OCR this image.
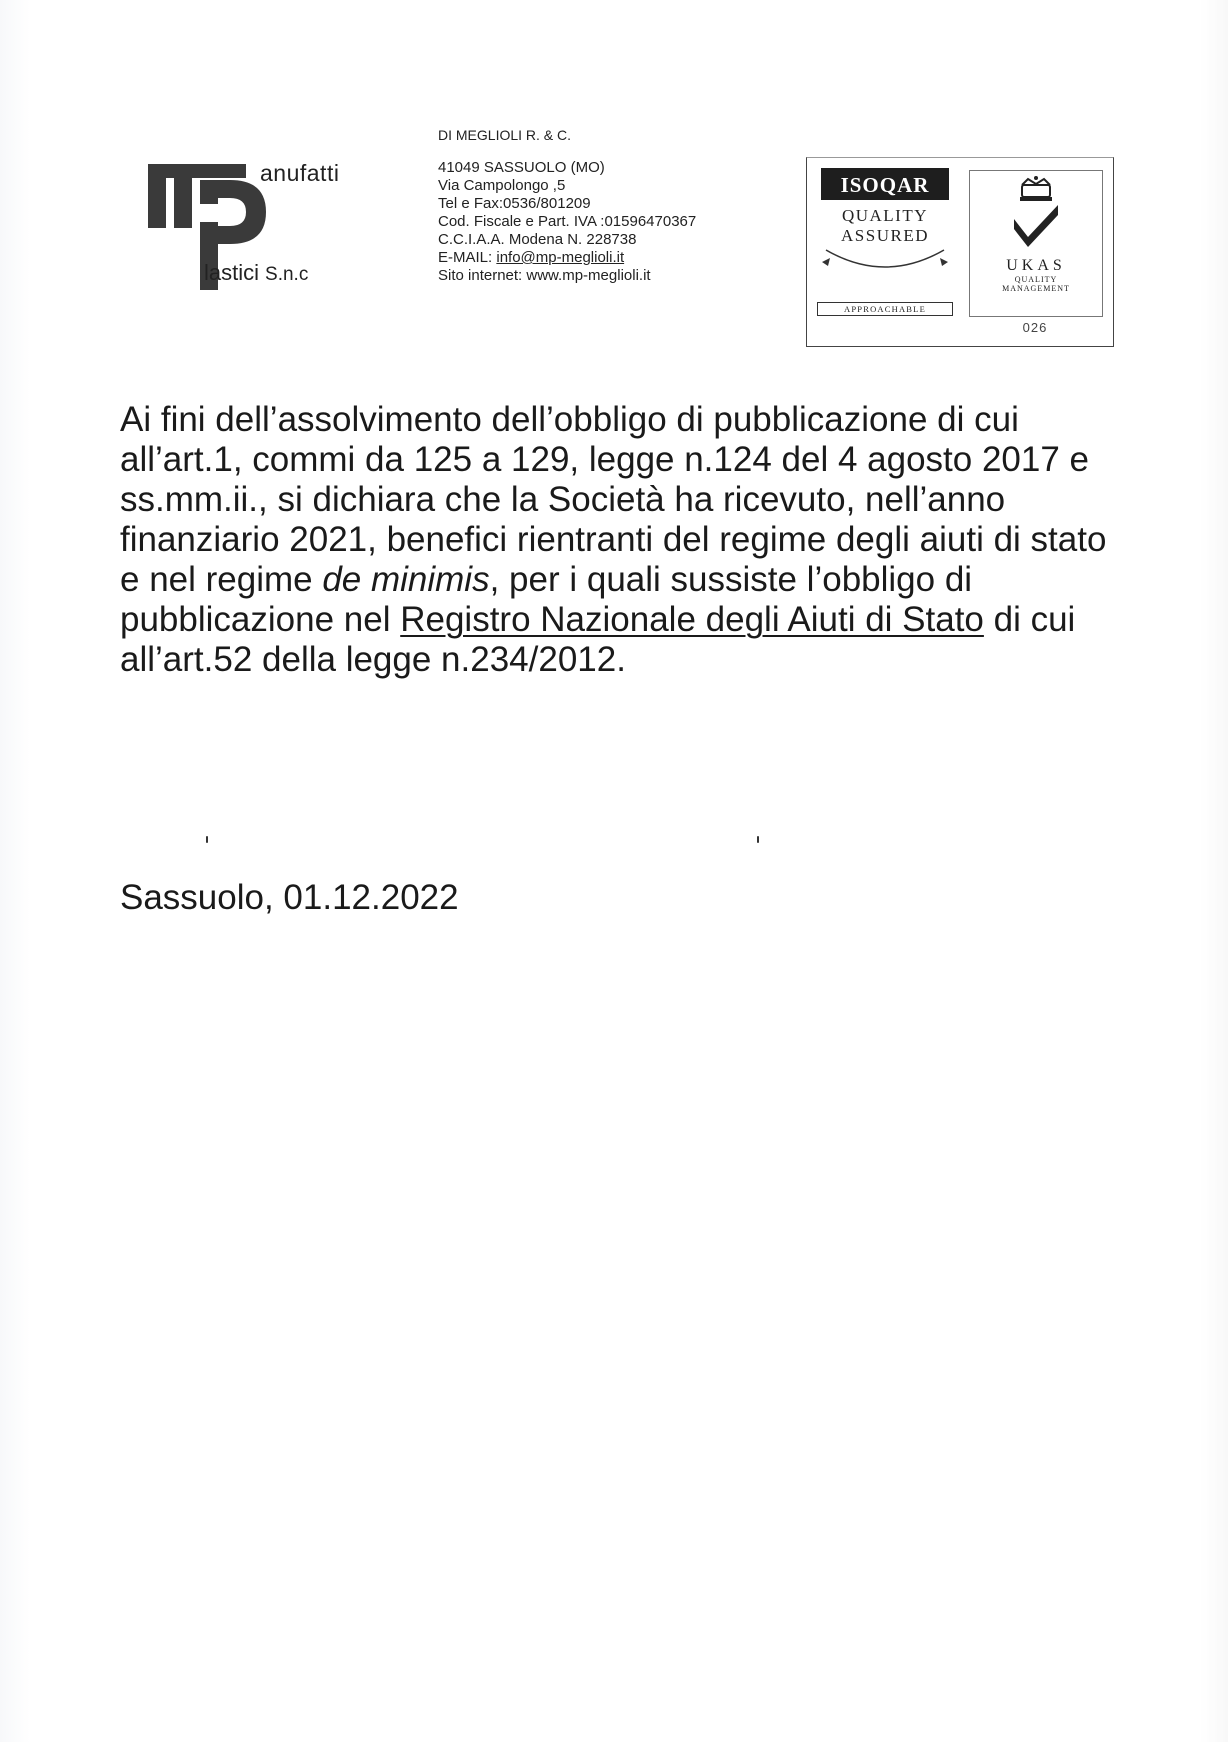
anufatti
lastici S.n.c
DI MEGLIOLI R. & C.
41049 SASSUOLO (MO)
Via Campolongo ,5
Tel e Fax:0536/801209
Cod. Fiscale e Part. IVA :01596470367
C.C.I.A.A. Modena N. 228738
E-MAIL: info@mp-meglioli.it
Sito internet: www.mp-meglioli.it
ISOQAR
QUALITY
ASSURED
APPROACHABLE
UKAS
QUALITY
MANAGEMENT
026
Ai fini dell’assolvimento dell’obbligo di pubblicazione di cui all’art.1, commi da 125 a 129, legge n.124 del 4 agosto 2017 e ss.mm.ii., si dichiara che la Società ha ricevuto, nell’anno finanziario 2021, benefici rientranti del regime degli aiuti di stato e nel regime de minimis, per i quali sussiste l’obbligo di pubblicazione nel Registro Nazionale degli Aiuti di Stato di cui all’art.52 della legge n.234/2012.
Sassuolo, 01.12.2022
